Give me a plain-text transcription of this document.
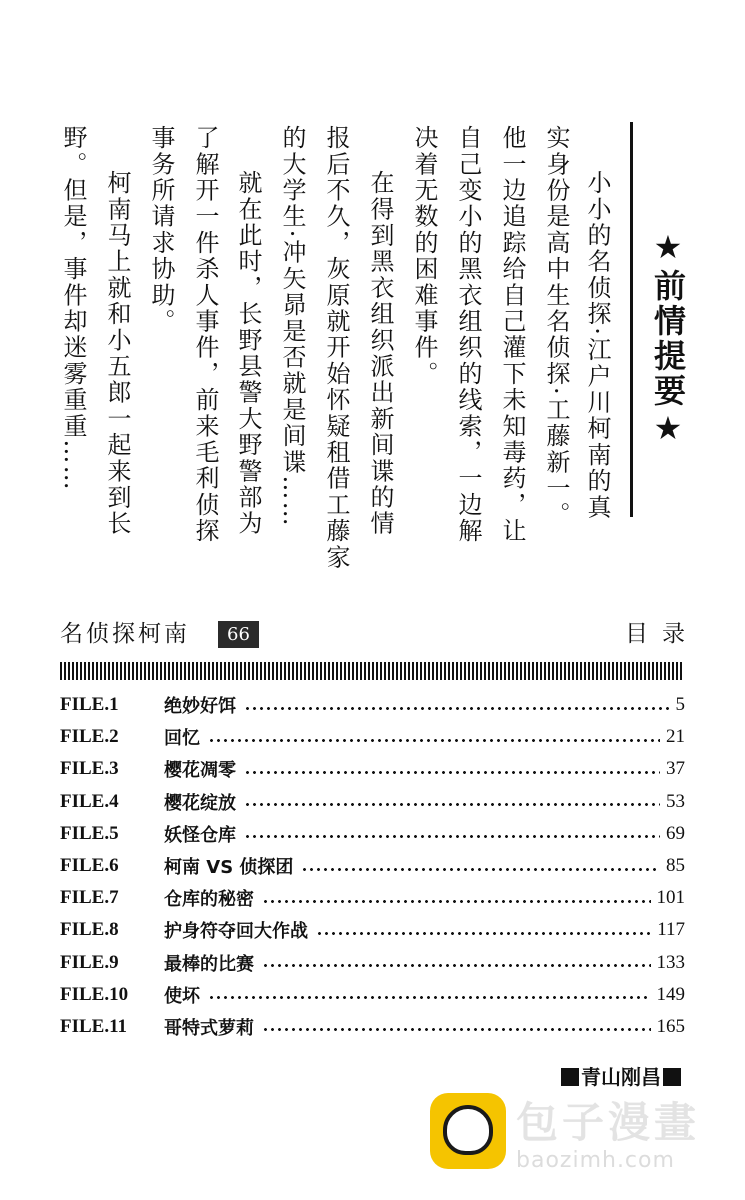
★前情提要★
小小的名侦探·江户川柯南的真
实身份是高中生名侦探·工藤新一。
他一边追踪给自己灌下未知毒药，让
自己变小的黑衣组织的线索，一边解
决着无数的困难事件。
在得到黑衣组织派出新间谍的情
报后不久，灰原就开始怀疑租借工藤家
的大学生·冲矢昴是否就是间谍……
就在此时，长野县警大野警部为
了解开一件杀人事件，前来毛利侦探
事务所请求协助。
柯南马上就和小五郎一起来到长
野。但是，事件却迷雾重重……
名侦探柯南	66	目录
FILE.1	绝妙好饵	5
FILE.2	回忆	21
FILE.3	樱花凋零	37
FILE.4	樱花绽放	53
FILE.5	妖怪仓库	69
FILE.6	柯南 VS 侦探团	85
FILE.7	仓库的秘密	101
FILE.8	护身符夺回大作战	117
FILE.9	最棒的比赛	133
FILE.10	使坏	149
FILE.11	哥特式萝莉	165
青山刚昌
包子漫畫
baozimh.com
